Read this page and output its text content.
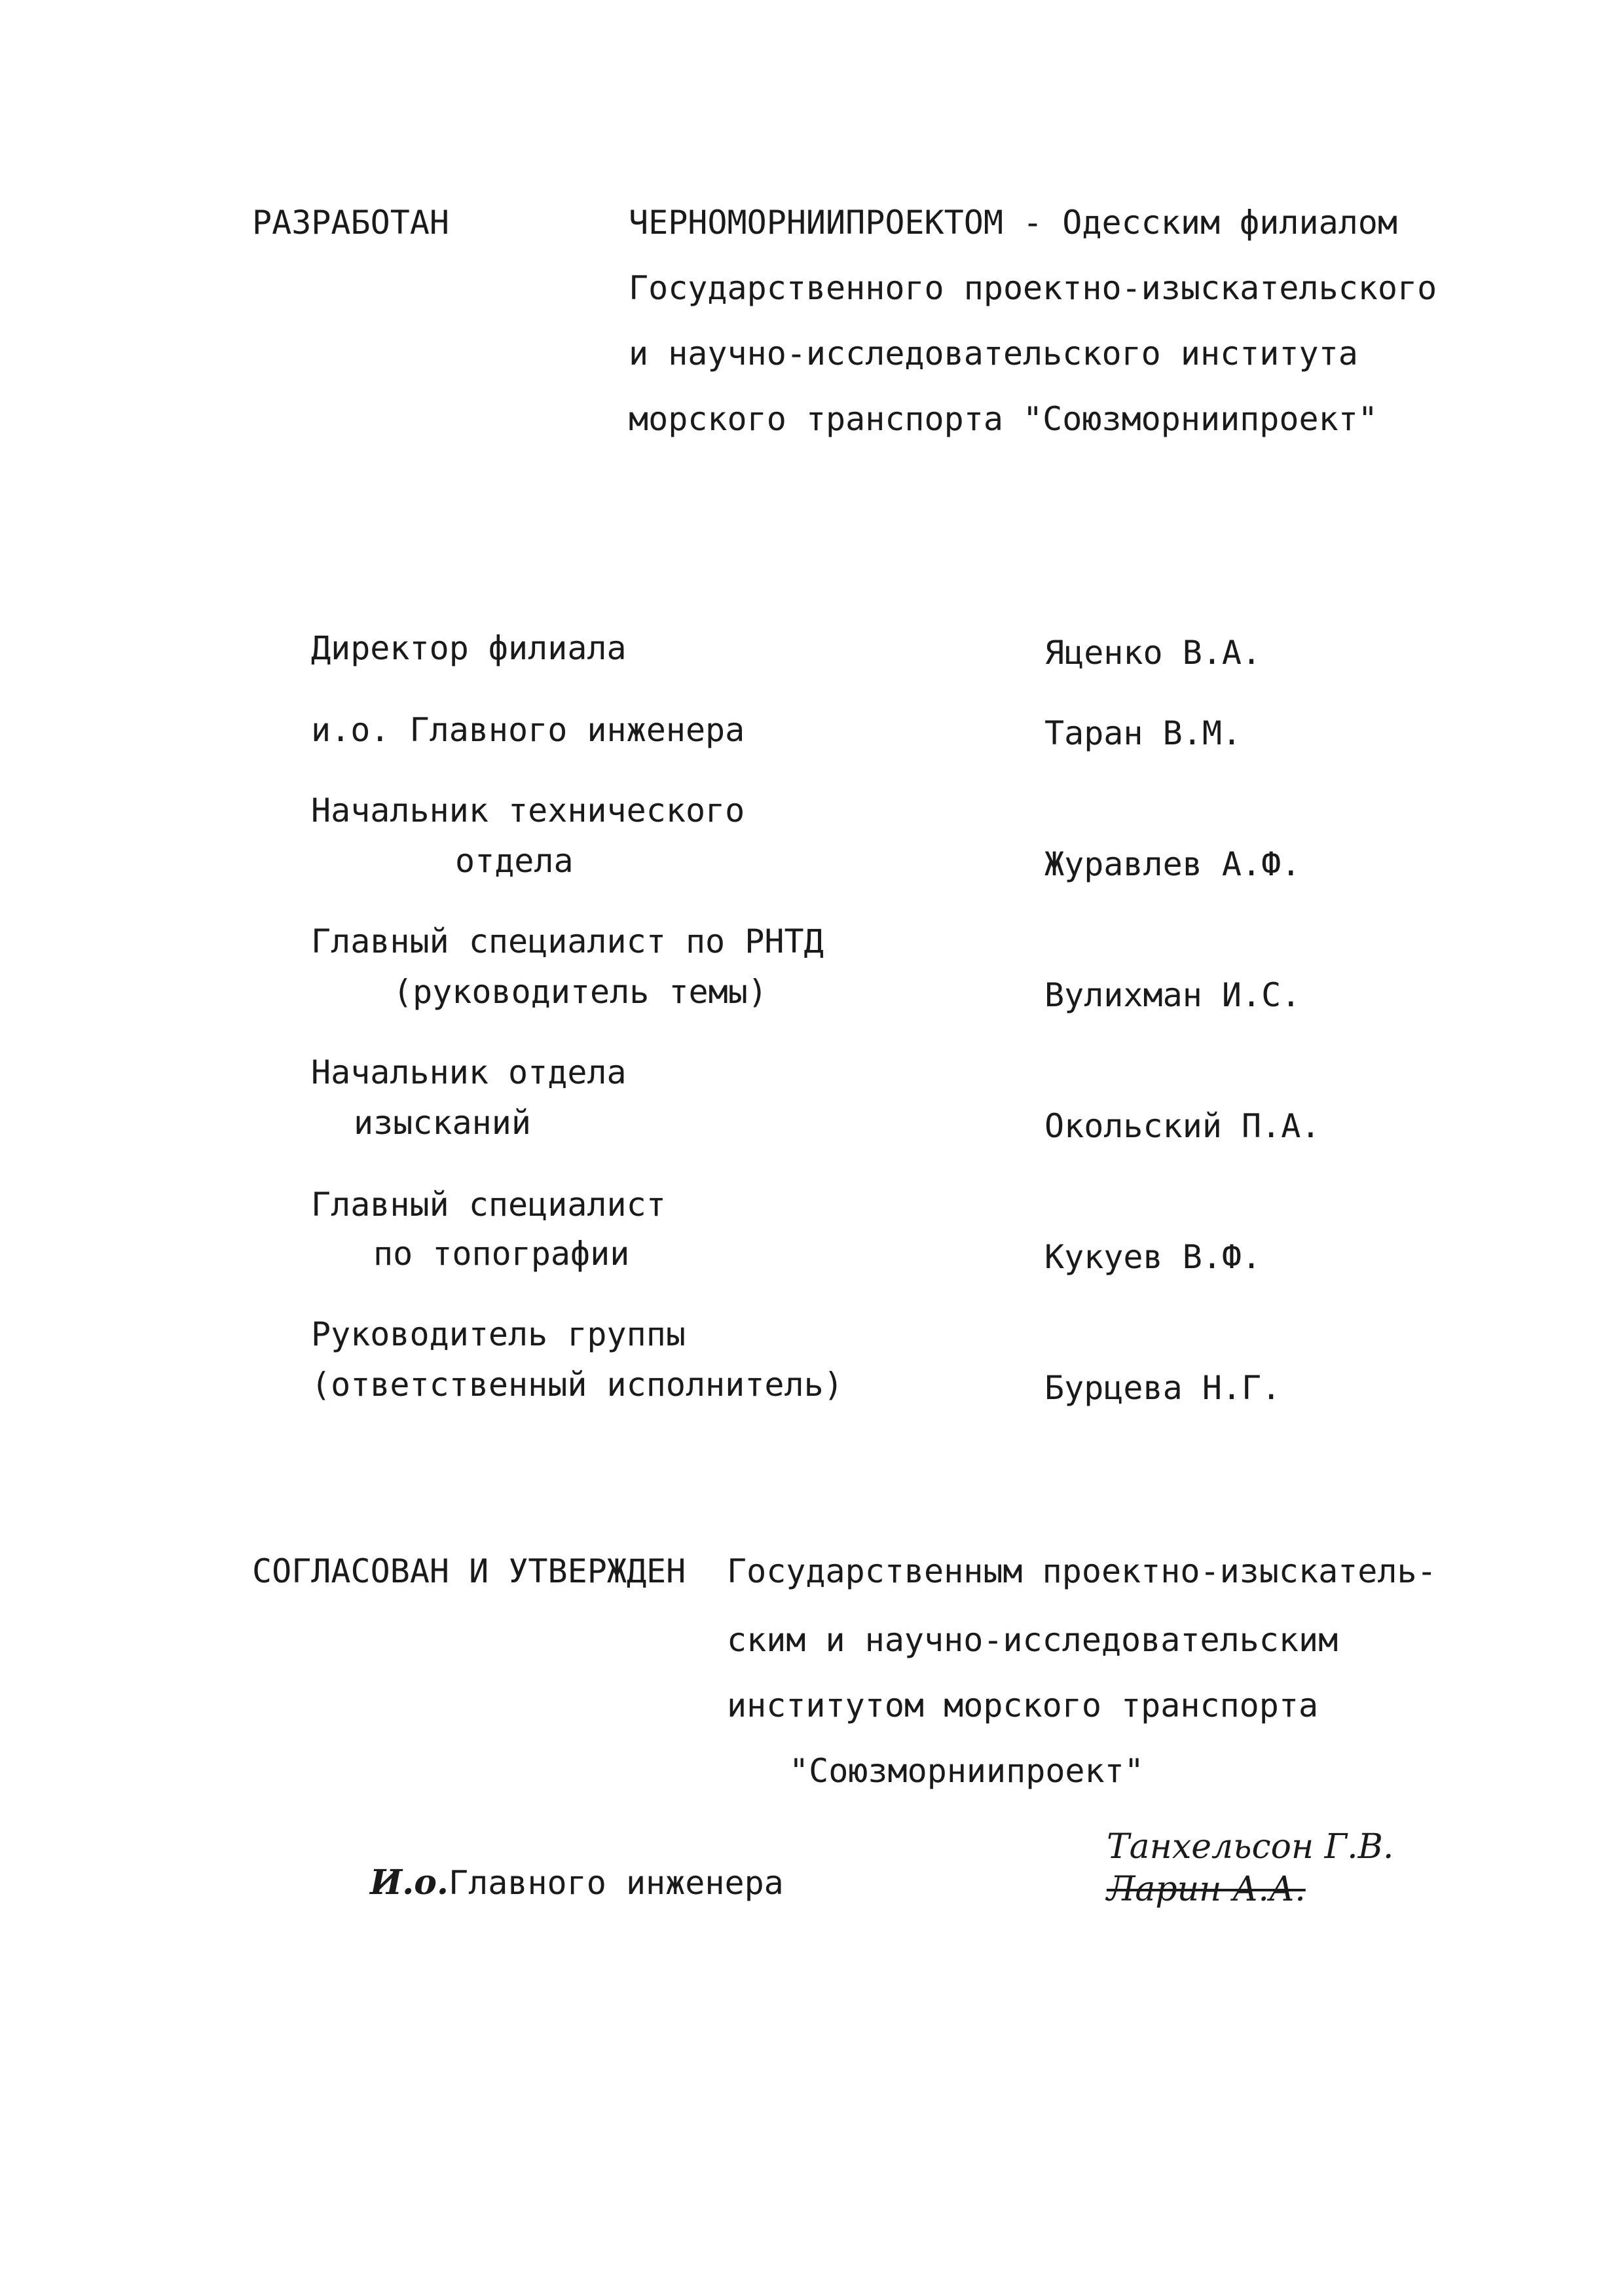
РАЗРАБОТАН	ЧЕРНОМОРНИИПРОЕКТОМ - Одесским филиалом
Государственного проектно-изыскательского
и научно-исследовательского института
морского транспорта "Союзморниипроект"
Директор филиала	Яценко В.А.
и.о. Главного инженера	Таран В.М.
Начальник технического
отдела	Журавлев А.Ф.
Главный специалист по РНТД
(руководитель темы)	Вулихман И.С.
Начальник отдела
изысканий	Окольский П.А.
Главный специалист
по топографии	Кукуев В.Ф.
Руководитель группы
(ответственный исполнитель)	Бурцева Н.Г.
СОГЛАСОВАН И УТВЕРЖДЕН Государственным проектно-изыскатель-
ским и научно-исследовательским
институтом морского транспорта
"Союзморниипроект"
И.о.Главного инженера
Танхельсон Г.В.
Ларин А.А.
